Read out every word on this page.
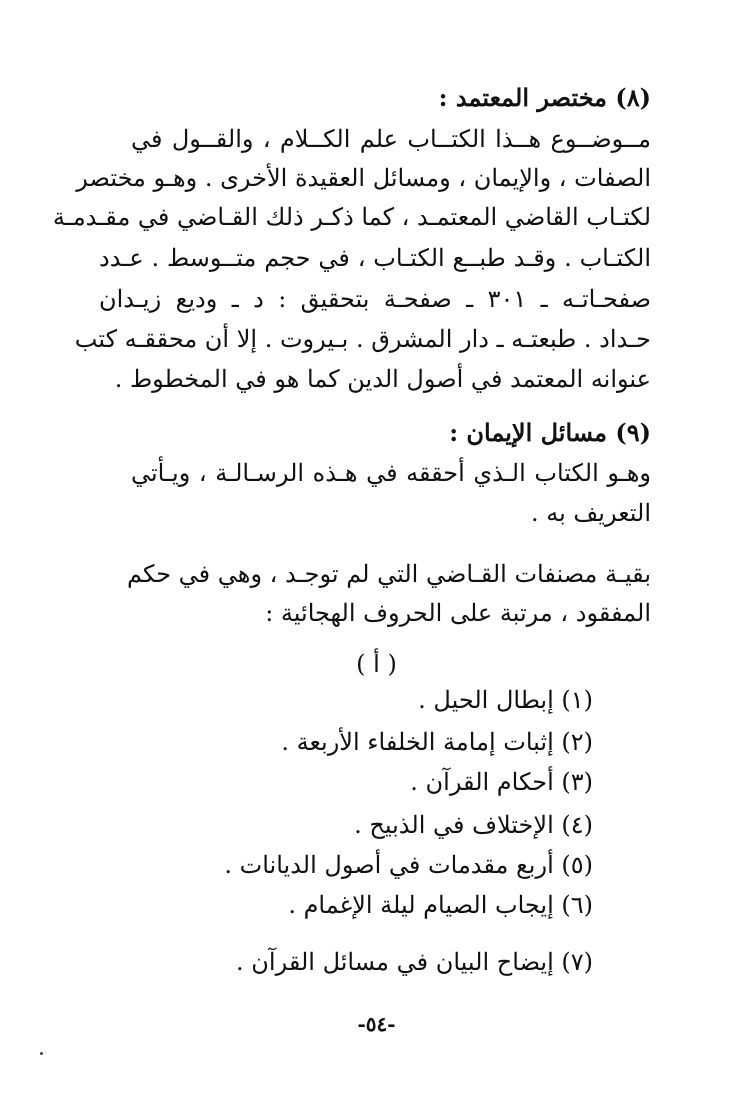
(٨) مختصر المعتمد :
مــوضــوع هــذا الكتــاب علم الكــلام ، والقــول في
الصفات ، والإيمان ، ومسائل العقيدة الأخرى . وهـو مختصر
لكتـاب القاضي المعتمـد ، كما ذكـر ذلك القـاضي في مقـدمـة
الكتـاب . وقـد طبــع الكتـاب ، في حجم متــوسط . عـدد
صفحـاتـه ـ ٣٠١ ـ صفحـة بتحقيق : د ـ وديع زيـدان
حـداد . طبعتـه ـ دار المشرق . بـيروت . إلا أن محققـه كتب
عنوانه المعتمد في أصول الدين كما هو في المخطوط .
(٩) مسائل الإيمان :
وهـو الكتاب الـذي أحققه في هـذه الرسـالـة ، ويـأتي
التعريف به .
بقيـة مصنفات القـاضي التي لم توجـد ، وهي في حكم
المفقود ، مرتبة على الحروف الهجائية :
( أ )
(١) إبطال الحيل .
(٢) إثبات إمامة الخلفاء الأربعة .
(٣) أحكام القرآن .
(٤) الإختلاف في الذبيح .
(٥) أربع مقدمات في أصول الديانات .
(٦) إيجاب الصيام ليلة الإغمام .
(٧) إيضاح البيان في مسائل القرآن .
-٥٤-
